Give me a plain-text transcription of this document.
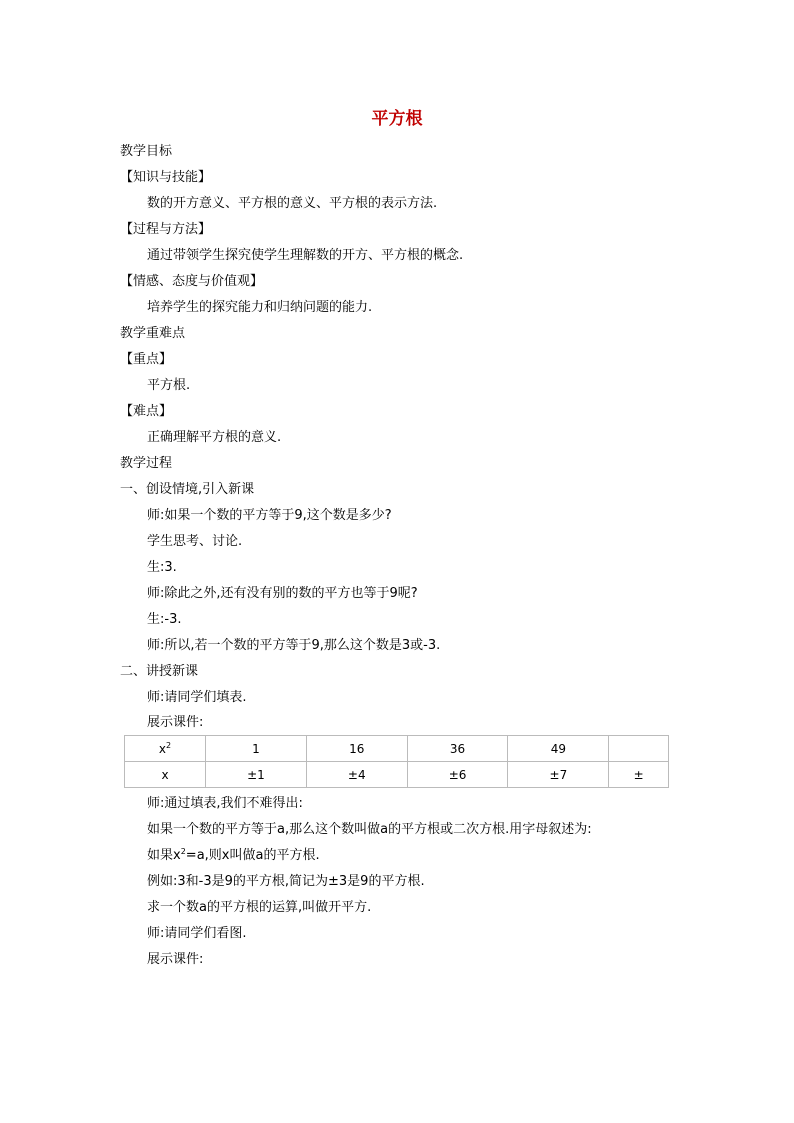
平方根
教学目标
【知识与技能】
数的开方意义、平方根的意义、平方根的表示方法.
【过程与方法】
通过带领学生探究使学生理解数的开方、平方根的概念.
【情感、态度与价值观】
培养学生的探究能力和归纳问题的能力.
教学重难点
【重点】
平方根.
【难点】
正确理解平方根的意义.
教学过程
一、创设情境,引入新课
师:如果一个数的平方等于9,这个数是多少?
学生思考、讨论.
生:3.
师:除此之外,还有没有别的数的平方也等于9呢?
生:-3.
师:所以,若一个数的平方等于9,那么这个数是3或-3.
二、讲授新课
师:请同学们填表.
展示课件:
$x^2$	1	16	36	49	
x	±1	±4	±6	±7	±
师:通过填表,我们不难得出:
如果一个数的平方等于a,那么这个数叫做a的平方根或二次方根.用字母叙述为:
如果$x^2=a$,则x叫做a的平方根.
例如:3和-3是9的平方根,简记为±3是9的平方根.
求一个数a的平方根的运算,叫做开平方.
师:请同学们看图.
展示课件:
